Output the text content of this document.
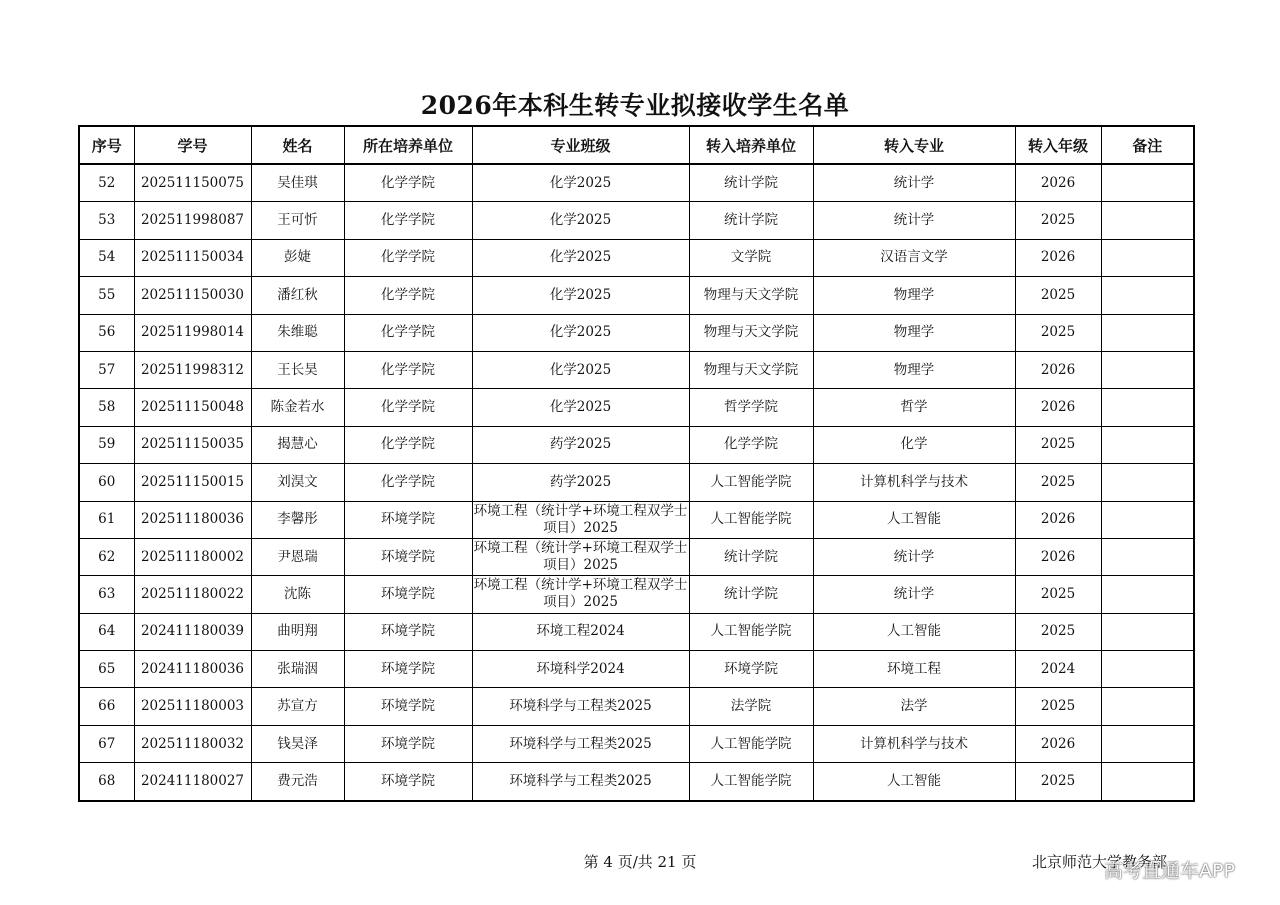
2026年本科生转专业拟接收学生名单
序号	学号	姓名	所在培养单位	专业班级	转入培养单位	转入专业	转入年级	备注
52	202511150075	吴佳琪	化学学院	化学2025	统计学院	统计学	2026	
53	202511998087	王可忻	化学学院	化学2025	统计学院	统计学	2025	
54	202511150034	彭婕	化学学院	化学2025	文学院	汉语言文学	2026	
55	202511150030	潘红秋	化学学院	化学2025	物理与天文学院	物理学	2025	
56	202511998014	朱维聪	化学学院	化学2025	物理与天文学院	物理学	2025	
57	202511998312	王长昊	化学学院	化学2025	物理与天文学院	物理学	2026	
58	202511150048	陈金若水	化学学院	化学2025	哲学学院	哲学	2026	
59	202511150035	揭慧心	化学学院	药学2025	化学学院	化学	2025	
60	202511150015	刘淏文	化学学院	药学2025	人工智能学院	计算机科学与技术	2025	
61	202511180036	李馨彤	环境学院	环境工程（统计学+环境工程双学士项目）2025	人工智能学院	人工智能	2026	
62	202511180002	尹恩瑞	环境学院	环境工程（统计学+环境工程双学士项目）2025	统计学院	统计学	2026	
63	202511180022	沈陈	环境学院	环境工程（统计学+环境工程双学士项目）2025	统计学院	统计学	2025	
64	202411180039	曲明翔	环境学院	环境工程2024	人工智能学院	人工智能	2025	
65	202411180036	张瑞洇	环境学院	环境科学2024	环境学院	环境工程	2024	
66	202511180003	苏宣方	环境学院	环境科学与工程类2025	法学院	法学	2025	
67	202511180032	钱昊泽	环境学院	环境科学与工程类2025	人工智能学院	计算机科学与技术	2026	
68	202411180027	费元浩	环境学院	环境科学与工程类2025	人工智能学院	人工智能	2025	
第 4 页/共 21 页	北京师范大学教务部
高考直通车APP
